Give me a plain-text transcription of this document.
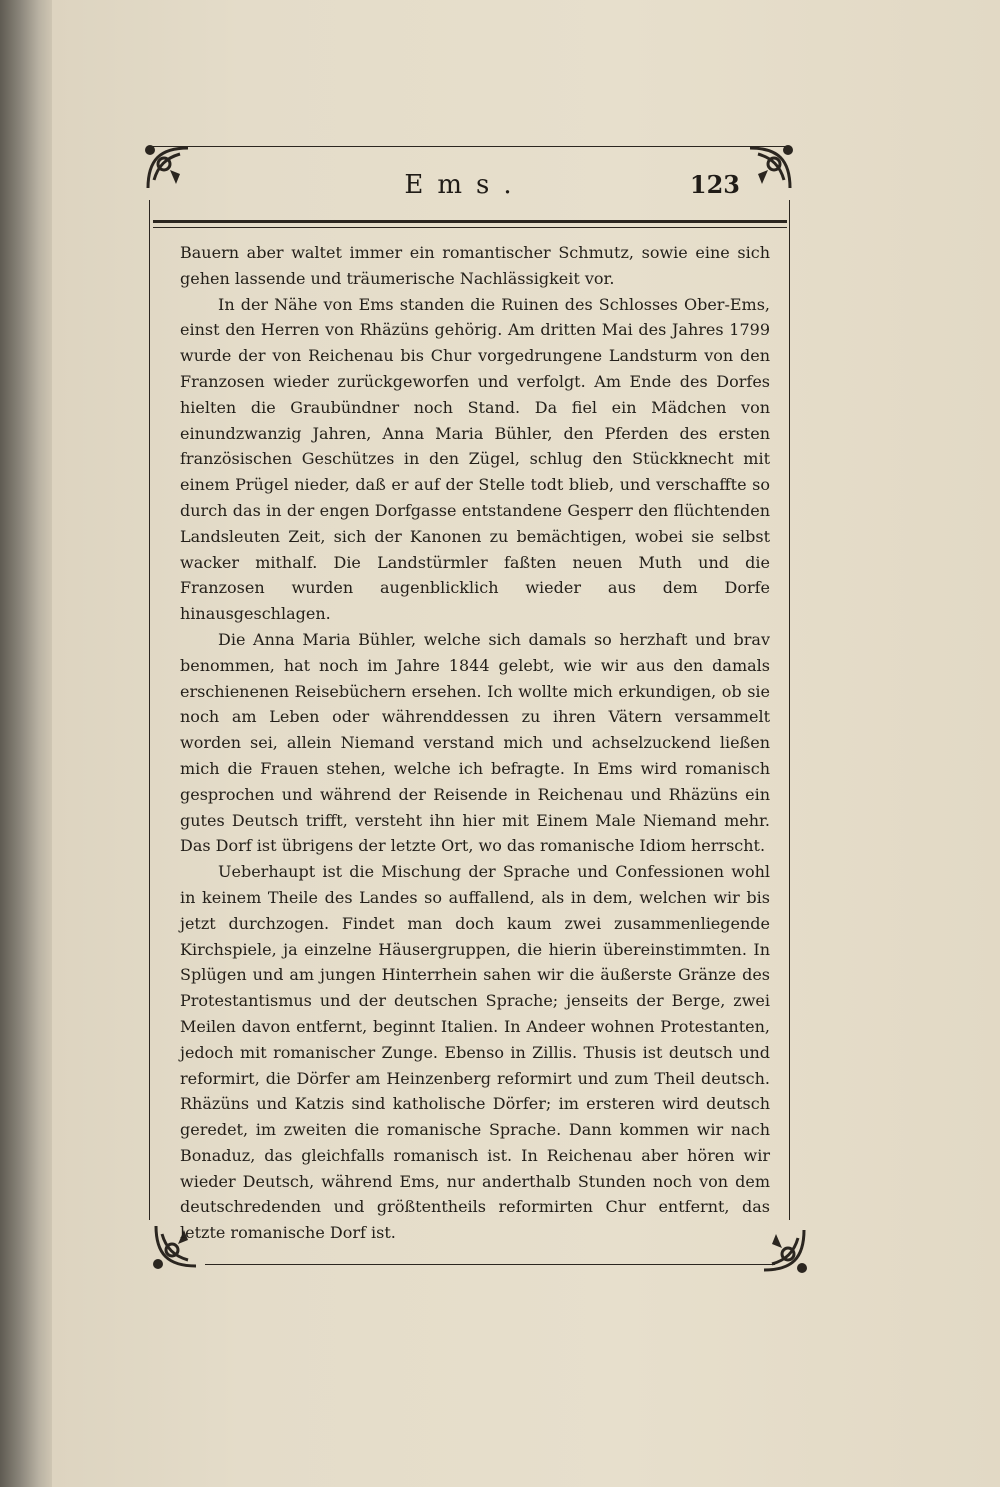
Ems.	123

Bauern aber waltet immer ein romantischer Schmutz, sowie eine sich gehen lassende und träumerische Nachlässigkeit vor.

In der Nähe von Ems standen die Ruinen des Schlosses Ober-Ems, einst den Herren von Rhäzüns gehörig. Am dritten Mai des Jahres 1799 wurde der von Reichenau bis Chur vorgedrungene Landsturm von den Franzosen wieder zurückgeworfen und verfolgt. Am Ende des Dorfes hielten die Graubündner noch Stand. Da fiel ein Mädchen von einundzwanzig Jahren, Anna Maria Bühler, den Pferden des ersten französischen Geschützes in den Zügel, schlug den Stückknecht mit einem Prügel nieder, daß er auf der Stelle todt blieb, und verschaffte so durch das in der engen Dorfgasse entstandene Gesperr den flüchtenden Landsleuten Zeit, sich der Kanonen zu bemächtigen, wobei sie selbst wacker mithalf. Die Landstürmler faßten neuen Muth und die Franzosen wurden augenblicklich wieder aus dem Dorfe hinausgeschlagen.

Die Anna Maria Bühler, welche sich damals so herzhaft und brav benommen, hat noch im Jahre 1844 gelebt, wie wir aus den damals erschienenen Reisebüchern ersehen. Ich wollte mich erkundigen, ob sie noch am Leben oder währenddessen zu ihren Vätern versammelt worden sei, allein Niemand verstand mich und achselzuckend ließen mich die Frauen stehen, welche ich befragte. In Ems wird romanisch gesprochen und während der Reisende in Reichenau und Rhäzüns ein gutes Deutsch trifft, versteht ihn hier mit Einem Male Niemand mehr. Das Dorf ist übrigens der letzte Ort, wo das romanische Idiom herrscht.

Ueberhaupt ist die Mischung der Sprache und Confessionen wohl in keinem Theile des Landes so auffallend, als in dem, welchen wir bis jetzt durchzogen. Findet man doch kaum zwei zusammenliegende Kirchspiele, ja einzelne Häusergruppen, die hierin übereinstimmten. In Splügen und am jungen Hinterrhein sahen wir die äußerste Gränze des Protestantismus und der deutschen Sprache; jenseits der Berge, zwei Meilen davon entfernt, beginnt Italien. In Andeer wohnen Protestanten, jedoch mit romanischer Zunge. Ebenso in Zillis. Thusis ist deutsch und reformirt, die Dörfer am Heinzenberg reformirt und zum Theil deutsch. Rhäzüns und Katzis sind katholische Dörfer; im ersteren wird deutsch geredet, im zweiten die romanische Sprache. Dann kommen wir nach Bonaduz, das gleichfalls romanisch ist. In Reichenau aber hören wir wieder Deutsch, während Ems, nur anderthalb Stunden noch von dem deutschredenden und größtentheils reformirten Chur entfernt, das letzte romanische Dorf ist.
